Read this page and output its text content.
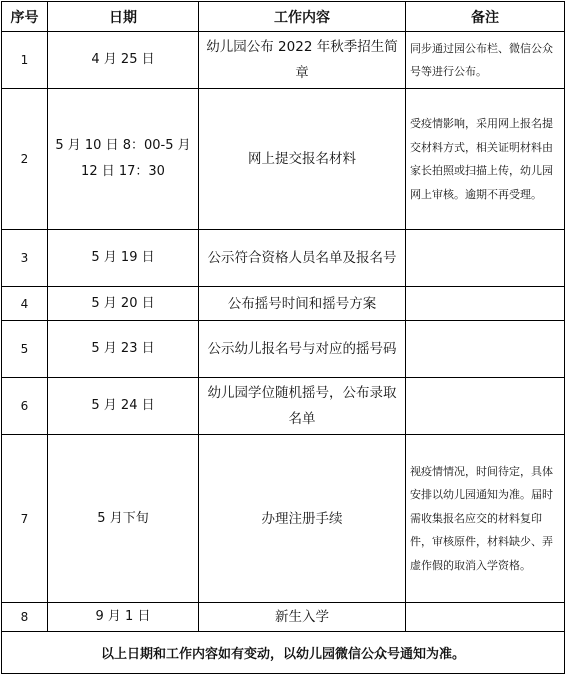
序号	日期	工作内容	备注
1	4 月 25 日	幼儿园公布 2022 年秋季招生简章	同步通过园公布栏、微信公众号等进行公布。
2	5 月 10 日 8：00-5 月 12 日 17：30	网上提交报名材料	受疫情影响，采用网上报名提交材料方式，相关证明材料由家长拍照或扫描上传，幼儿园网上审核。逾期不再受理。
3	5 月 19 日	公示符合资格人员名单及报名号	
4	5 月 20 日	公布摇号时间和摇号方案	
5	5 月 23 日	公示幼儿报名号与对应的摇号码	
6	5 月 24 日	幼儿园学位随机摇号，公布录取名单	
7	5 月下旬	办理注册手续	视疫情情况，时间待定，具体安排以幼儿园通知为准。届时需收集报名应交的材料复印件，审核原件，材料缺少、弄虚作假的取消入学资格。
8	9 月 1 日	新生入学	
以上日期和工作内容如有变动，以幼儿园微信公众号通知为准。			
